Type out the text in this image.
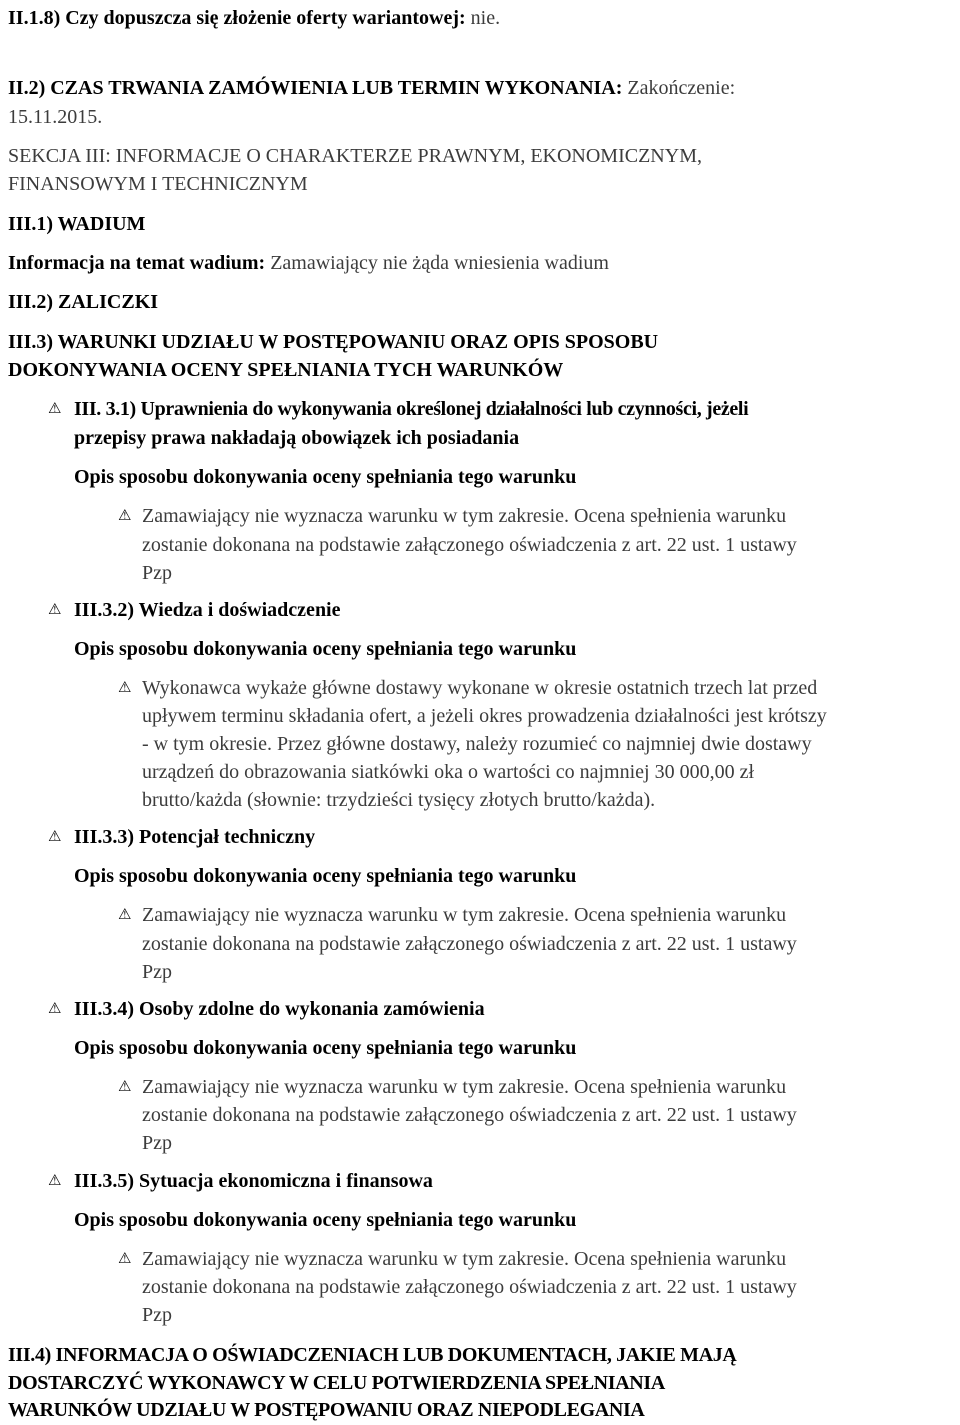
II.1.8) Czy dopuszcza się złożenie oferty wariantowej: nie.

II.2) CZAS TRWANIA ZAMÓWIENIA LUB TERMIN WYKONANIA: Zakończenie:

15.11.2015.

SEKCJA III: INFORMACJE O CHARAKTERZE PRAWNYM, EKONOMICZNYM,

FINANSOWYM I TECHNICZNYM

III.1) WADIUM

Informacja na temat wadium: Zamawiający nie żąda wniesienia wadium

III.2) ZALICZKI

III.3) WARUNKI UDZIAŁU W POSTĘPOWANIU ORAZ OPIS SPOSOBU

DOKONYWANIA OCENY SPEŁNIANIA TYCH WARUNKÓW

⚠ III. 3.1) Uprawnienia do wykonywania określonej działalności lub czynności, jeżeli

przepisy prawa nakładają obowiązek ich posiadania

Opis sposobu dokonywania oceny spełniania tego warunku

⚠ Zamawiający nie wyznacza warunku w tym zakresie. Ocena spełnienia warunku

zostanie dokonana na podstawie załączonego oświadczenia z art. 22 ust. 1 ustawy

Pzp

⚠ III.3.2) Wiedza i doświadczenie

Opis sposobu dokonywania oceny spełniania tego warunku

⚠ Wykonawca wykaże główne dostawy wykonane w okresie ostatnich trzech lat przed

upływem terminu składania ofert, a jeżeli okres prowadzenia działalności jest krótszy

- w tym okresie. Przez główne dostawy, należy rozumieć co najmniej dwie dostawy

urządzeń do obrazowania siatkówki oka o wartości co najmniej 30 000,00 zł

brutto/każda (słownie: trzydzieści tysięcy złotych brutto/każda).

⚠ III.3.3) Potencjał techniczny

Opis sposobu dokonywania oceny spełniania tego warunku

⚠ Zamawiający nie wyznacza warunku w tym zakresie. Ocena spełnienia warunku

zostanie dokonana na podstawie załączonego oświadczenia z art. 22 ust. 1 ustawy

Pzp

⚠ III.3.4) Osoby zdolne do wykonania zamówienia

Opis sposobu dokonywania oceny spełniania tego warunku

⚠ Zamawiający nie wyznacza warunku w tym zakresie. Ocena spełnienia warunku

zostanie dokonana na podstawie załączonego oświadczenia z art. 22 ust. 1 ustawy

Pzp

⚠ III.3.5) Sytuacja ekonomiczna i finansowa

Opis sposobu dokonywania oceny spełniania tego warunku

⚠ Zamawiający nie wyznacza warunku w tym zakresie. Ocena spełnienia warunku

zostanie dokonana na podstawie załączonego oświadczenia z art. 22 ust. 1 ustawy

Pzp

III.4) INFORMACJA O OŚWIADCZENIACH LUB DOKUMENTACH, JAKIE MAJĄ

DOSTARCZYĆ WYKONAWCY W CELU POTWIERDZENIA SPEŁNIANIA

WARUNKÓW UDZIAŁU W POSTĘPOWANIU ORAZ NIEPODLEGANIA
